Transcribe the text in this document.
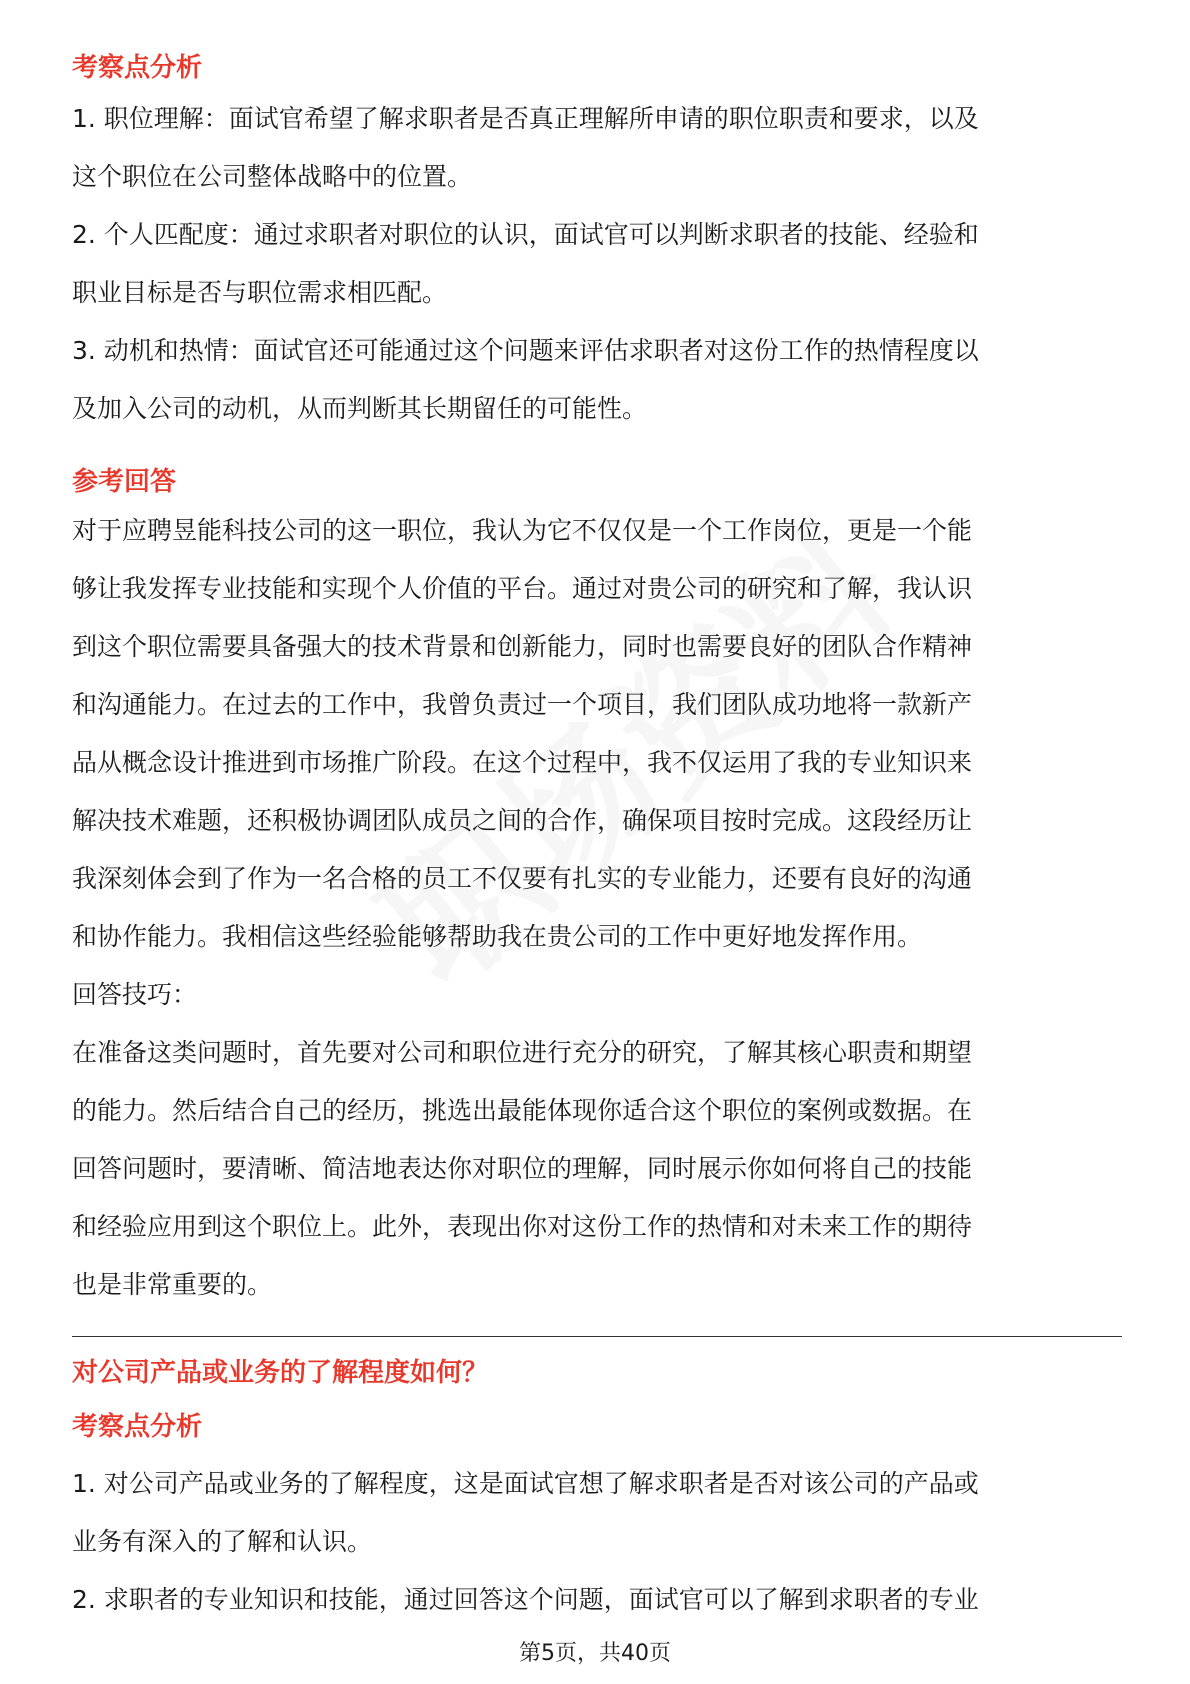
考察点分析

1. 职位理解：面试官希望了解求职者是否真正理解所申请的职位职责和要求，以及

这个职位在公司整体战略中的位置。

2. 个人匹配度：通过求职者对职位的认识，面试官可以判断求职者的技能、经验和

职业目标是否与职位需求相匹配。

3. 动机和热情：面试官还可能通过这个问题来评估求职者对这份工作的热情程度以

及加入公司的动机，从而判断其长期留任的可能性。

参考回答

对于应聘昱能科技公司的这一职位，我认为它不仅仅是一个工作岗位，更是一个能

够让我发挥专业技能和实现个人价值的平台。通过对贵公司的研究和了解，我认识

到这个职位需要具备强大的技术背景和创新能力，同时也需要良好的团队合作精神

和沟通能力。在过去的工作中，我曾负责过一个项目，我们团队成功地将一款新产

品从概念设计推进到市场推广阶段。在这个过程中，我不仅运用了我的专业知识来

解决技术难题，还积极协调团队成员之间的合作，确保项目按时完成。这段经历让

我深刻体会到了作为一名合格的员工不仅要有扎实的专业能力，还要有良好的沟通

和协作能力。我相信这些经验能够帮助我在贵公司的工作中更好地发挥作用。

回答技巧：

在准备这类问题时，首先要对公司和职位进行充分的研究，了解其核心职责和期望

的能力。然后结合自己的经历，挑选出最能体现你适合这个职位的案例或数据。在

回答问题时，要清晰、简洁地表达你对职位的理解，同时展示你如何将自己的技能

和经验应用到这个职位上。此外，表现出你对这份工作的热情和对未来工作的期待

也是非常重要的。

对公司产品或业务的了解程度如何？
考察点分析

1. 对公司产品或业务的了解程度，这是面试官想了解求职者是否对该公司的产品或

业务有深入的了解和认识。

2. 求职者的专业知识和技能，通过回答这个问题，面试官可以了解到求职者的专业

第5页，共40页
